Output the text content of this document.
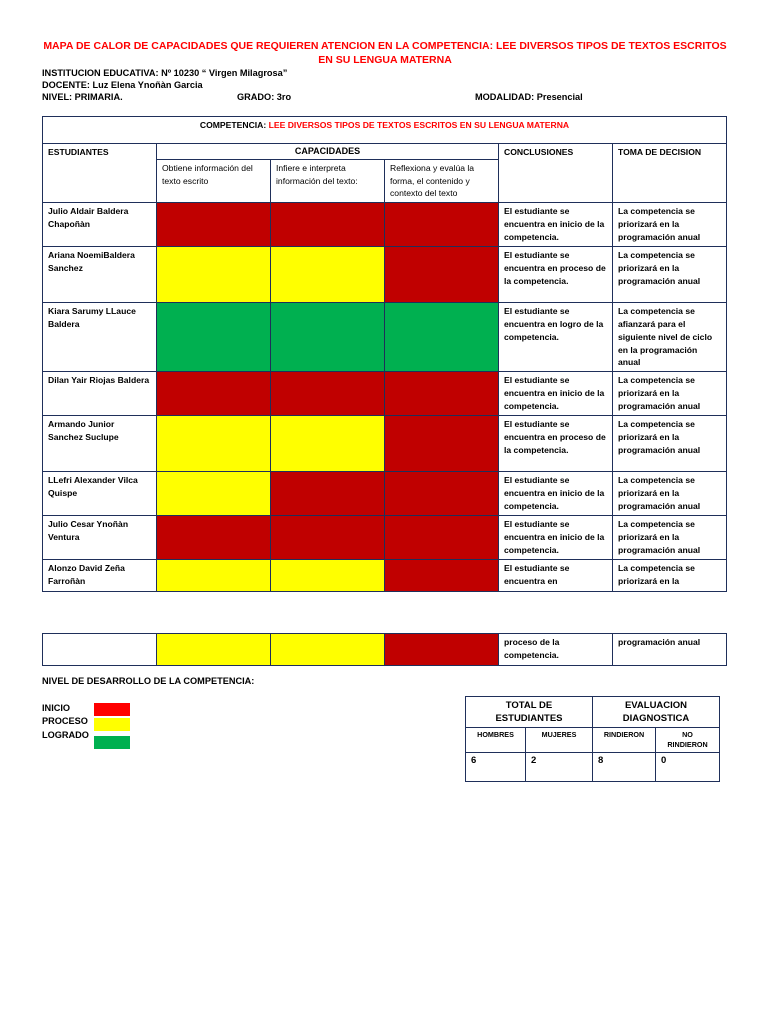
MAPA DE CALOR DE CAPACIDADES QUE REQUIEREN ATENCION EN LA COMPETENCIA: LEE DIVERSOS TIPOS DE TEXTOS ESCRITOS EN SU LENGUA MATERNA
INSTITUCION EDUCATIVA: Nº 10230 “ Virgen Milagrosa”
DOCENTE: Luz Elena Ynoñàn Garcia
NIVEL: PRIMARIA.	GRADO: 3ro	MODALIDAD: Presencial
COMPETENCIA: LEE DIVERSOS TIPOS DE TEXTOS ESCRITOS EN SU LENGUA MATERNA					
ESTUDIANTES	CAPACIDADES			CONCLUSIONES	TOMA DE DECISION
	Obtiene información del texto escrito	Infiere e interpreta información del texto:	Reflexiona y evalúa la forma, el contenido y contexto del texto		
Julio Aldair Baldera Chapoñàn				El estudiante se encuentra en inicio de la competencia.	La competencia se priorizará en la programación anual
Ariana NoemiBaldera Sanchez				El estudiante se encuentra en proceso de la competencia.	La competencia se priorizará en la programación anual
Kiara Sarumy LLauce Baldera				El estudiante se encuentra en logro de la competencia.	La competencia se afianzará para el siguiente nivel de ciclo en la programación anual
Dilan Yair Riojas Baldera				El estudiante se encuentra en inicio de la competencia.	La competencia se priorizará en la programación anual
Armando Junior Sanchez Suclupe				El estudiante se encuentra en proceso de la competencia.	La competencia se priorizará en la programación anual
LLefri Alexander Vilca Quispe				El estudiante se encuentra en inicio de la competencia.	La competencia se priorizará en la programación anual
Julio Cesar Ynoñàn Ventura				El estudiante se encuentra en inicio de la competencia.	La competencia se priorizará en la programación anual
Alonzo David Zeña Farroñàn				El estudiante se encuentra en	La competencia se priorizará en la
				proceso de la competencia.	programación anual
NIVEL DE DESARROLLO DE LA COMPETENCIA:
INICIO
PROCESO
LOGRADO
TOTAL DE ESTUDIANTES		EVALUACION DIAGNOSTICA	
HOMBRES	MUJERES	RINDIERON	NO RINDIERON
6	2	8	0
